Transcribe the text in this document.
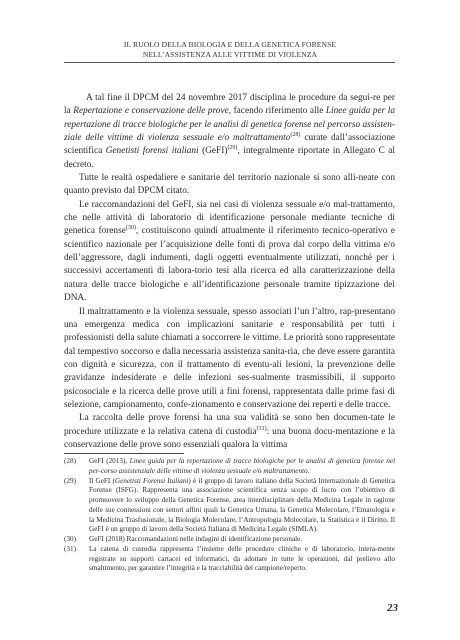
IL RUOLO DELLA BIOLOGIA E DELLA GENETICA FORENSE
NELL’ASSISTENZA ALLE VITTIME DI VIOLENZA

A tal fine il DPCM del 24 novembre 2017 disciplina le procedure da segui-re per la Repertazione e conservazione delle prove, facendo riferimento alle Linee guida per la repertazione di tracce biologiche per le analisi di genetica forense nel percorso assisten-ziale delle vittime di violenza sessuale e/o maltrattamento$^{(28)}$ curate dall’associazione scientifica Genetisti forensi italiani (GeFI)$^{(29)}$, integralmente riportate in Allegato C al decreto.

Tutte le realtà ospedaliere e sanitarie del territorio nazionale si sono alli-neate con quanto previsto dal DPCM citato.

Le raccomandazioni del GeFI, sia nei casi di violenza sessuale e/o mal-trattamento, che nelle attività di laboratorio di identificazione personale mediante tecniche di genetica forense$^{(30)}$, costituiscono quindi attualmente il riferimento tecnico-operativo e scientifico nazionale per l’acquisizione delle fonti di prova dal corpo della vittima e/o dell’aggressore, dagli indumenti, dagli oggetti eventualmente utilizzati, nonché per i successivi accertamenti di labora-torio tesi alla ricerca ed alla caratterizzazione della natura delle tracce biologiche e all’identificazione personale tramite tipizzazione del DNA.

Il maltrattamento e la violenza sessuale, spesso associati l’un l’altro, rap-presentano una emergenza medica con implicazioni sanitarie e responsabilità per tutti i professionisti della salute chiamati a soccorrere le vittime. Le priorità sono rappresentate dal tempestivo soccorso e dalla necessaria assistenza sanita-ria, che deve essere garantita con dignità e sicurezza, con il trattamento di eventu-ali lesioni, la prevenzione delle gravidanze indesiderate e delle infezioni ses-sualmente trasmissibili, il supporto psicosociale e la ricerca delle prove utili a fini forensi, rappresentata dalle prime fasi di selezione, campionamento, confe-zionamento e conservazione dei reperti e delle tracce.

La raccolta delle prove forensi ha una sua validità se sono ben documen-tate le procedure utilizzate e la relativa catena di custodia$^{(31)}$: una buona docu-mentazione e la conservazione delle prove sono essenziali qualora la vittima

(28)	GeFI (2013), Linee guida per la repertazione di tracce biologiche per le analisi di genetica forense nel per-corso assistenziale delle vittime di violenza sessuale e/o maltrattamento.
(29)	Il GeFI (Genetisti Forensi Italiani) è il gruppo di lavoro italiano della Società Internazionale di Genetica Forense (ISFG). Rappresenta una associazione scientifica senza scopo di lucro con l’obiettivo di promuovere lo sviluppo della Genetica Forense, area interdisciplinare della Medicina Legale in ragione delle sue connessioni con settori affini quali la Genetica Umana, la Genetica Molecolare, l’Ematologia e la Medicina Trasfusionale, la Biologia Molecolare, l’Antropologia Molecolare, la Statistica e il Diritto. Il GeFI è un gruppo di lavoro della Società Italiana di Medicina Legale (SIMLA).
(30)	GeFI (2018) Raccomandazioni nelle indagini di identificazione personale.
(31)	La catena di custodia rappresenta l’insieme delle procedure cliniche e di laboratorio, intera-mente registrate su supporti cartacei ed informatici, da adottare in tutte le operazioni, dal prelievo allo smaltimento, per garantire l’integrità e la tracciabilità del campione/reperto.
23
